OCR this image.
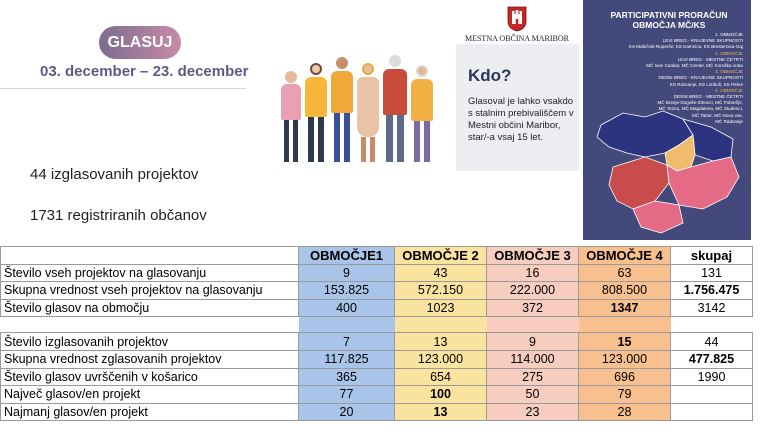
GLASUJ
03. december – 23. december
MESTNA OBČINA MARIBOR
Kdo?
Glasoval je lahko vsakdo s stalnim prebivališčem v Mestni občini Maribor, star/-a vsaj 15 let.
PARTICIPATIVNI PRORAČUN
OBMOČJA MČ/KS
1. OBMOČJE
LEVI BREG - KRAJEVNE SKUPNOSTI
KS Malečnik-Ruperče, KS Kamnica, KS Bresternica-Gaj
2. OBMOČJE
LEVI BREG - MESTNE ČETRTI
MČ Ivan Cankar, MČ Center, MČ Koroška vrata
3. OBMOČJE
DESNI BREG - KRAJEVNE SKUPNOSTI
KS Razvanje, KS Limbuš, KS Pekre
4. OBMOČJE
DESNI BREG - MESTNE ČETRTI
MČ Brezje-Dogoše-Zrkovci, MČ Pobrežje,
MČ Tezno, MČ Magdalena, MČ Studenci,
MČ Tabor, MČ Nova vas,
MČ Radvanje
44 izglasovanih projektov
1731 registriranih občanov
	OBMOČJE1	OBMOČJE 2	OBMOČJE 3	OBMOČJE 4	skupaj
Število vseh projektov na glasovanju	9	43	16	63	131
Skupna vrednost vseh projektov na glasovanju	153.825	572.150	222.000	808.500	1.756.475
Število glasov na območju	400	1023	372	1347	3142

Število izglasovanih projektov	7	13	9	15	44
Skupna vrednost zglasovanih projektov	117.825	123.000	114.000	123.000	477.825
Število glasov uvrščenih v košarico	365	654	275	696	1990
Največ glasov/en projekt	77	100	50	79	
Najmanj glasov/en projekt	20	13	23	28	
